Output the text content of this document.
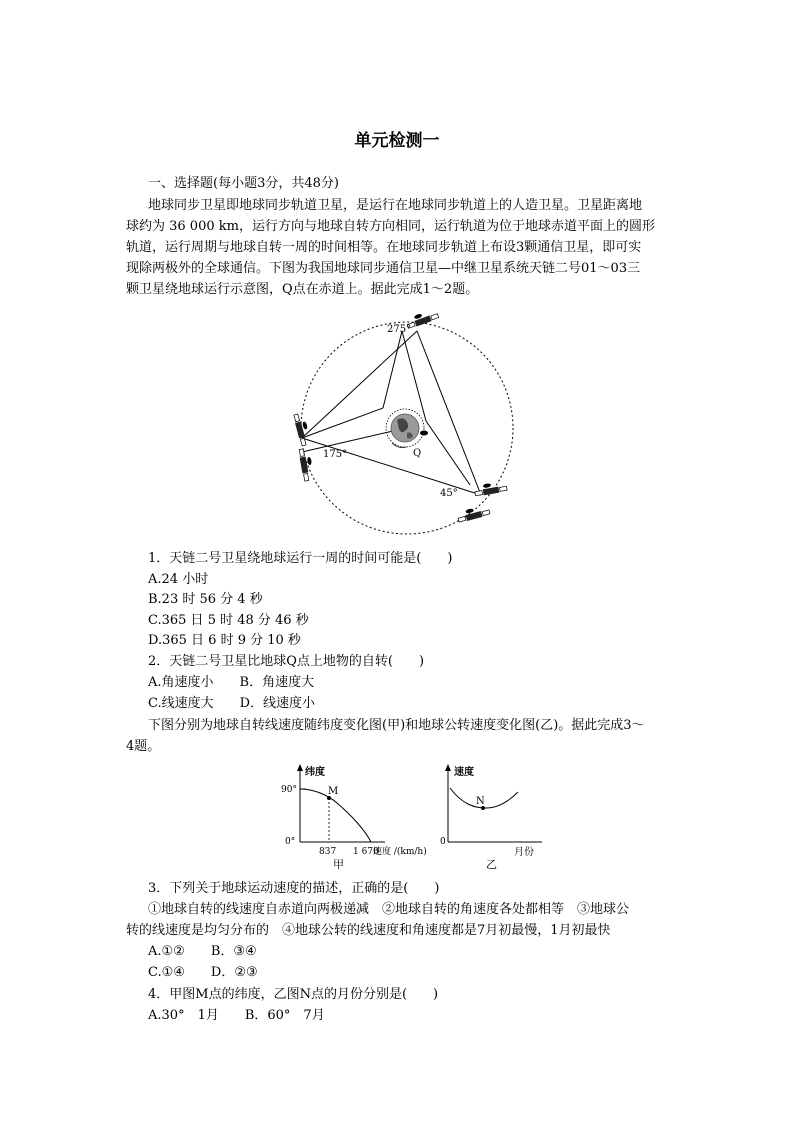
单元检测一
一、选择题(每小题3分，共48分)
地球同步卫星即地球同步轨道卫星，是运行在地球同步轨道上的人造卫星。卫星距离地
球约为 36 000 km，运行方向与地球自转方向相同，运行轨道为位于地球赤道平面上的圆形
轨道，运行周期与地球自转一周的时间相等。在地球同步轨道上布设3颗通信卫星，即可实
现除两极外的全球通信。下图为我国地球同步通信卫星—中继卫星系统天链二号01～03三
颗卫星绕地球运行示意图，Q点在赤道上。据此完成1～2题。
Q
275°
175°
45°
1．天链二号卫星绕地球运行一周的时间可能是(　　)
A.24 小时
B.23 时 56 分 4 秒
C.365 日 5 时 48 分 46 秒
D.365 日 6 时 9 分 10 秒
2．天链二号卫星比地球Q点上地物的自转(　　)
A.角速度小　　B．角速度大
C.线速度大　　D．线速度小
下图分别为地球自转线速度随纬度变化图(甲)和地球公转速度变化图(乙)。据此完成3～
4题。
纬度
90°
0°
M
837 1 670
速度 /(km/h)
甲
速度
0
N
月份
乙
3．下列关于地球运动速度的描述，正确的是(　　)
①地球自转的线速度自赤道向两极递减　②地球自转的角速度各处都相等　③地球公
转的线速度是均匀分布的　④地球公转的线速度和角速度都是7月初最慢，1月初最快
A.①②　　B．③④
C.①④　　D．②③
4．甲图M点的纬度，乙图N点的月份分别是(　　)
A.30°　1月　　B．60°　7月
